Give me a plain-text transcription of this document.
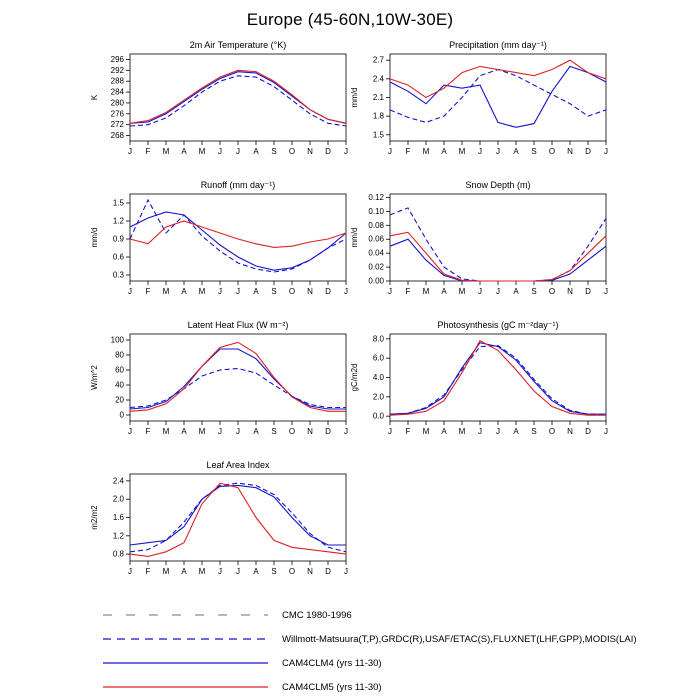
Europe (45-60N,10W-30E)
2m Air Temperature (°K)
268
272
276
280
284
288
292
296
J F M A M J J A S O N D J
K
Precipitation (mm day⁻¹)
1.5
1.8
2.1
2.4
2.7
J F M A M J J A S O N D J
mm/d
Runoff (mm day⁻¹)
0.3
0.6
0.9
1.2
1.5
J F M A M J J A S O N D J
mm/d
Snow Depth (m)
0.00
0.02
0.04
0.06
0.08
0.10
0.12
J F M A M J J A S O N D J
mm/d
Latent Heat Flux (W m⁻²)
0
20
40
60
80
100
J F M A M J J A S O N D J
W/m^2
Photosynthesis (gC m⁻²day⁻¹)
0.0
2.0
4.0
6.0
8.0
J F M A M J J A S O N D J
gC/m2d
Leaf Area Index
0.8
1.2
1.6
2.0
2.4
J F M A M J J A S O N D J
m2/m2
CMC 1980-1996
Willmott-Matsuura(T,P),GRDC(R),USAF/ETAC(S),FLUXNET(LHF,GPP),MODIS(LAI)
CAM4CLM4 (yrs 11-30)
CAM4CLM5 (yrs 11-30)
